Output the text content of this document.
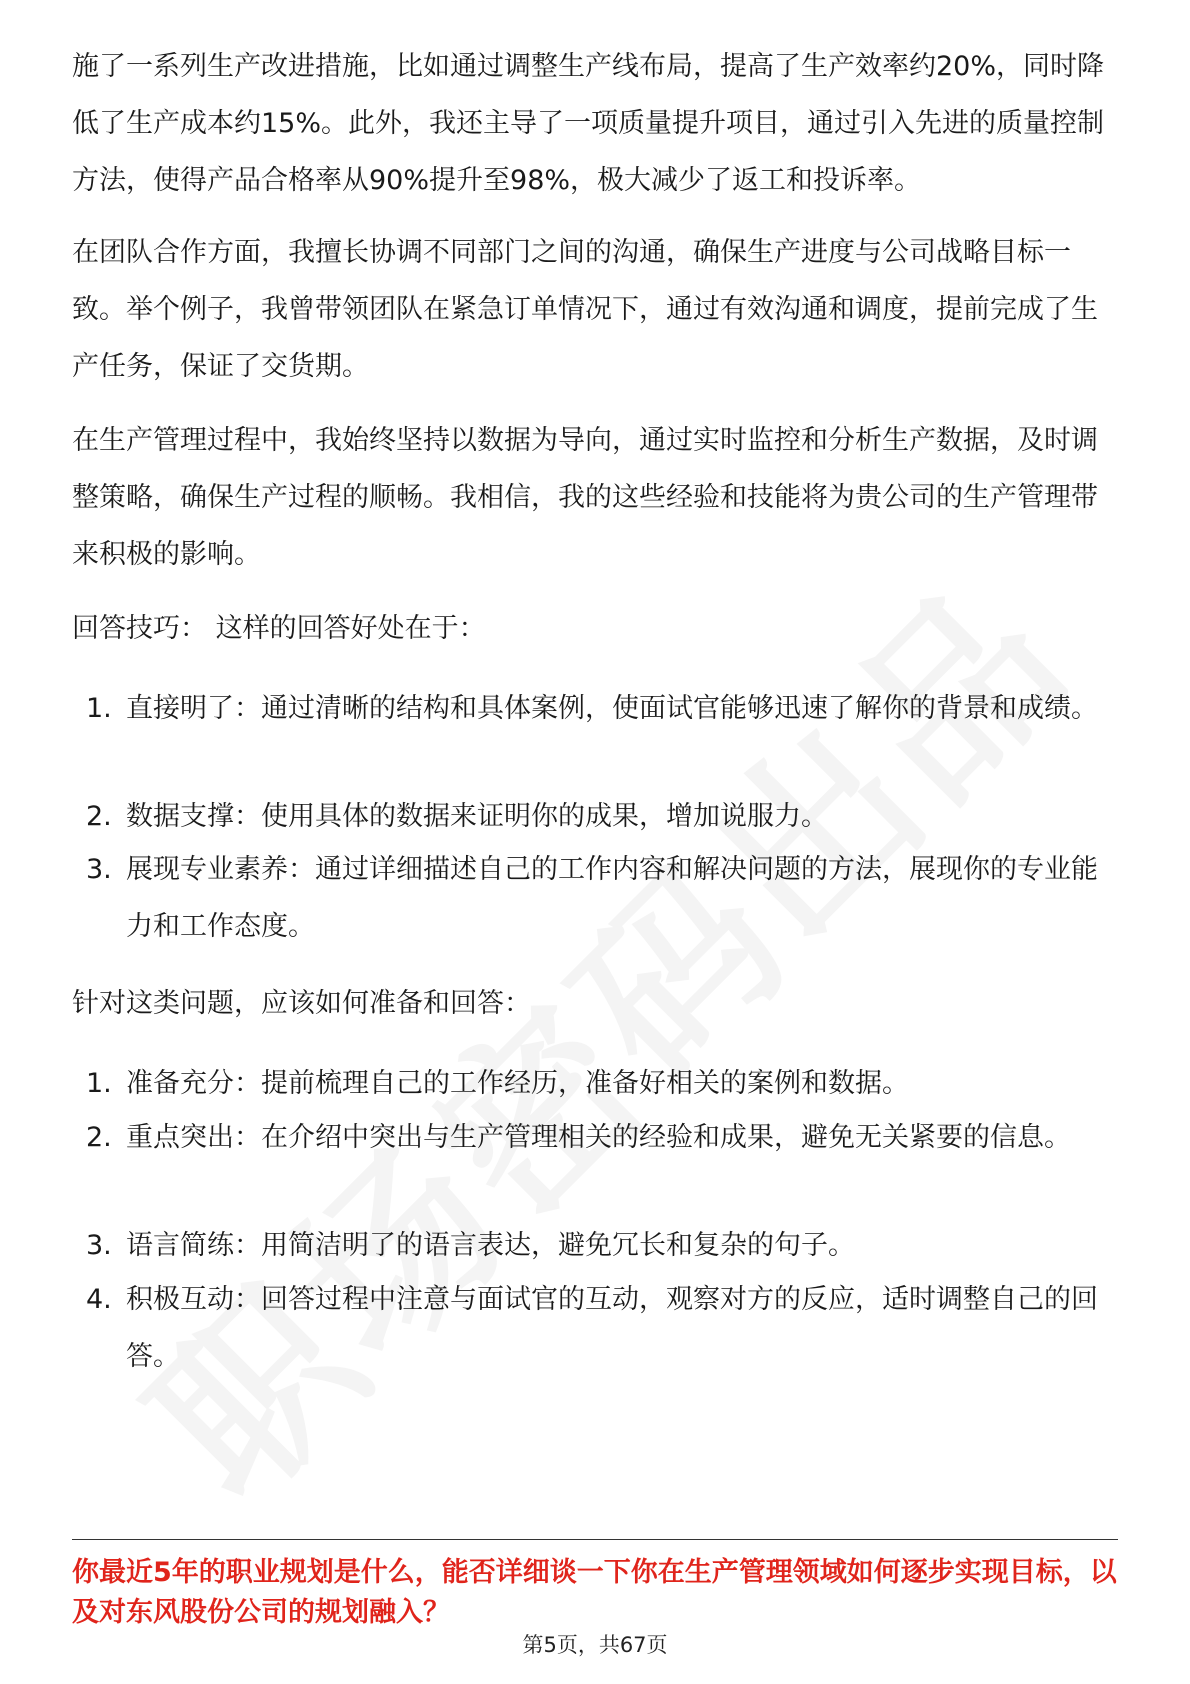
施了一系列生产改进措施，比如通过调整生产线布局，提高了生产效率约20%，同时降低了生产成本约15%。此外，我还主导了一项质量提升项目，通过引入先进的质量控制方法，使得产品合格率从90%提升至98%，极大减少了返工和投诉率。

在团队合作方面，我擅长协调不同部门之间的沟通，确保生产进度与公司战略目标一致。举个例子，我曾带领团队在紧急订单情况下，通过有效沟通和调度，提前完成了生产任务，保证了交货期。

在生产管理过程中，我始终坚持以数据为导向，通过实时监控和分析生产数据，及时调整策略，确保生产过程的顺畅。我相信，我的这些经验和技能将为贵公司的生产管理带来积极的影响。

回答技巧： 这样的回答好处在于：

1. 直接明了：通过清晰的结构和具体案例，使面试官能够迅速了解你的背景和成绩。
2. 数据支撑：使用具体的数据来证明你的成果，增加说服力。
3. 展现专业素养：通过详细描述自己的工作内容和解决问题的方法，展现你的专业能力和工作态度。

针对这类问题，应该如何准备和回答：

1. 准备充分：提前梳理自己的工作经历，准备好相关的案例和数据。
2. 重点突出：在介绍中突出与生产管理相关的经验和成果，避免无关紧要的信息。
3. 语言简练：用简洁明了的语言表达，避免冗长和复杂的句子。
4. 积极互动：回答过程中注意与面试官的互动，观察对方的反应，适时调整自己的回答。
你最近5年的职业规划是什么，能否详细谈一下你在生产管理领域如何逐步实现目标，以及对东风股份公司的规划融入？
第5页，共67页
